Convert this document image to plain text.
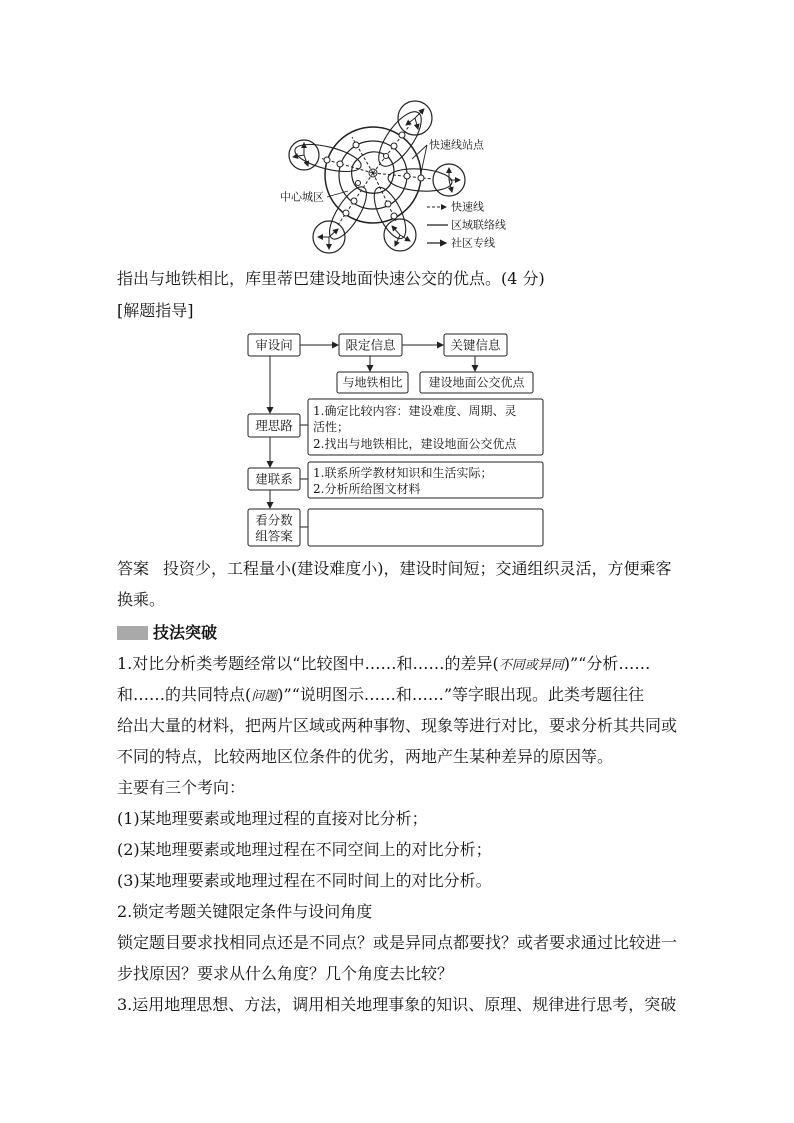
快速线站点
中心城区
快速线
区域联络线
社区专线
指出与地铁相比，库里蒂巴建设地面快速公交的优点。(4 分)
[解题指导]
审设问	限定信息	关键信息
与地铁相比 建设地面公交优点
理思路
1.确定比较内容：建设难度、周期、灵
活性；
2.找出与地铁相比，建设地面公交优点
建联系 1.联系所学教材知识和生活实际；
2.分析所给图文材料
看分数
组答案
答案 投资少，工程量小(建设难度小)，建设时间短；交通组织灵活，方便乘客
换乘。
技法突破
1.对比分析类考题经常以“比较图中……和……的差异(不同或异同)”“分析……
和……的共同特点(问题)”“说明图示……和……”等字眼出现。此类考题往往
给出大量的材料，把两片区域或两种事物、现象等进行对比，要求分析其共同或
不同的特点，比较两地区位条件的优劣，两地产生某种差异的原因等。
主要有三个考向：
(1)某地理要素或地理过程的直接对比分析；
(2)某地理要素或地理过程在不同空间上的对比分析；
(3)某地理要素或地理过程在不同时间上的对比分析。
2.锁定考题关键限定条件与设问角度
锁定题目要求找相同点还是不同点？或是异同点都要找？或者要求通过比较进一
步找原因？要求从什么角度？几个角度去比较？
3.运用地理思想、方法，调用相关地理事象的知识、原理、规律进行思考，突破
